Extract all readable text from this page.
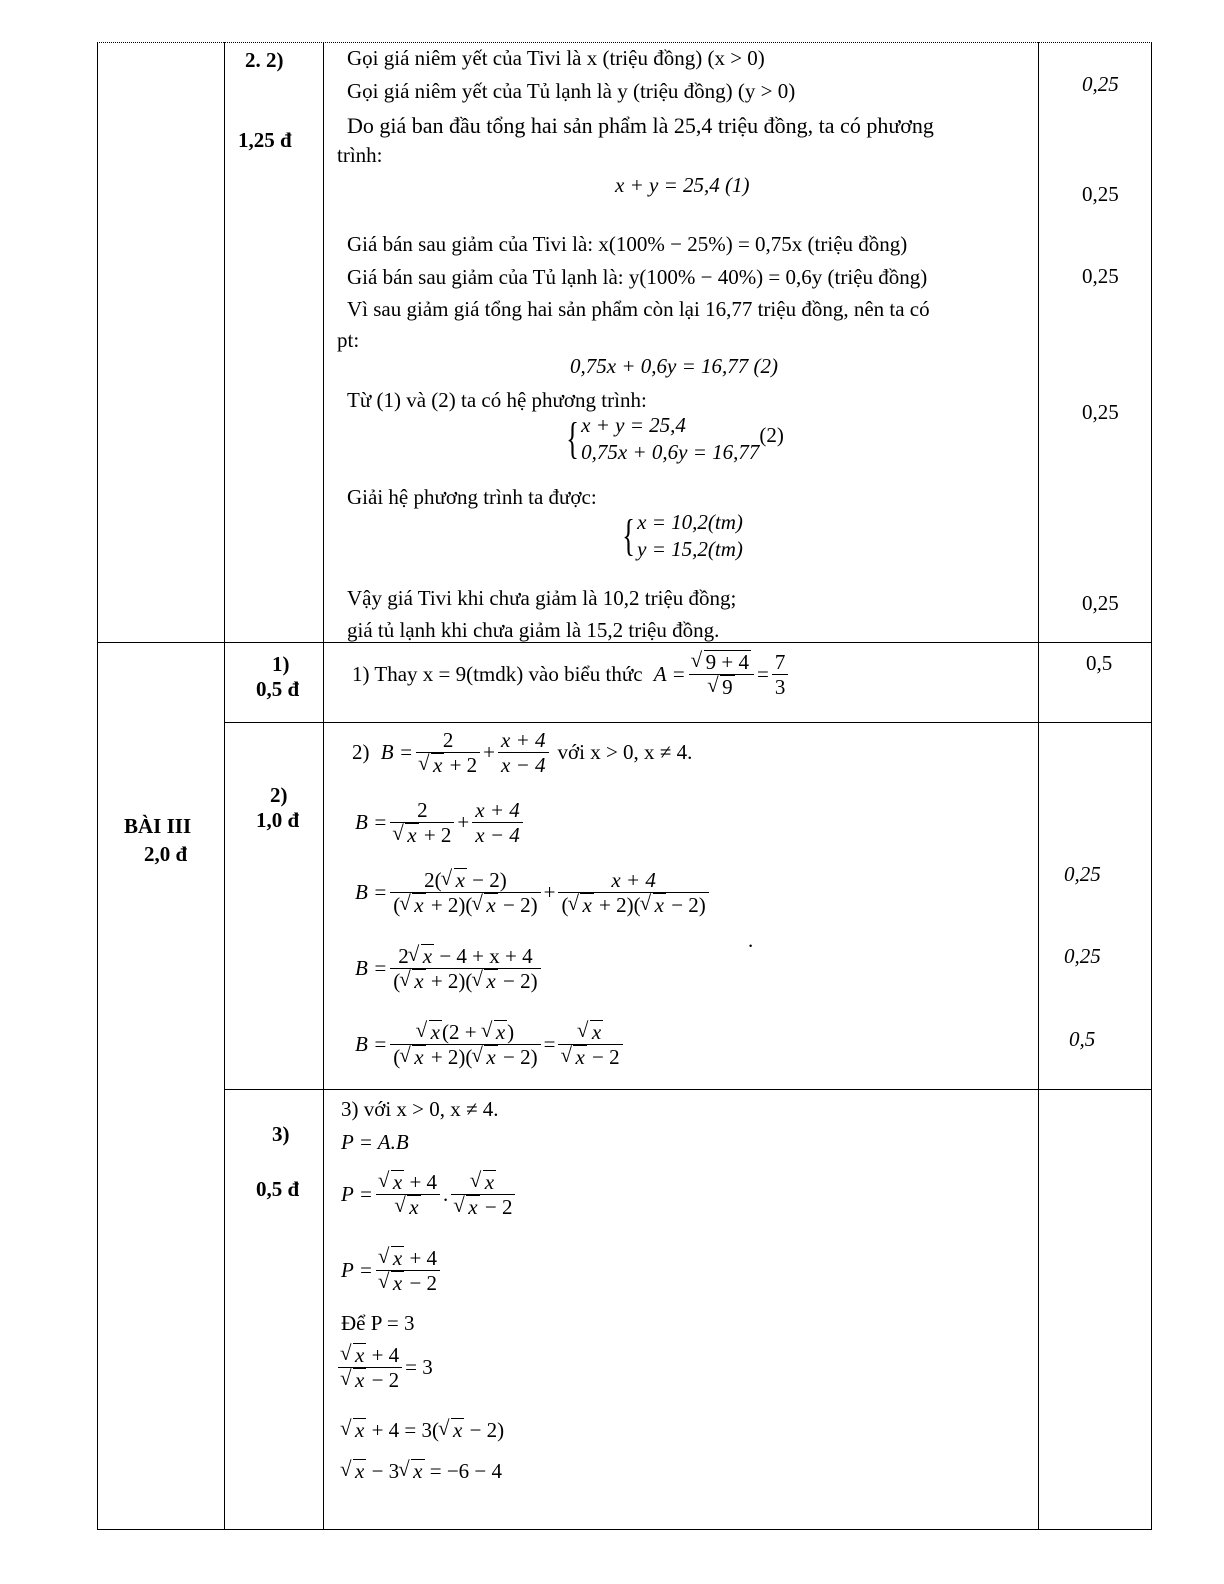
2. 2)
1,25 đ
Gọi giá niêm yết của Tivi là x (triệu đồng) (x > 0)
Gọi giá niêm yết của Tủ lạnh là y (triệu đồng) (y > 0)
Do giá ban đầu tổng hai sản phẩm là 25,4 triệu đồng, ta có phương
trình:
x + y = 25,4 (1)
Giá bán sau giảm của Tivi là: x(100% − 25%) = 0,75x (triệu đồng)
Giá bán sau giảm của Tủ lạnh là: y(100% − 40%) = 0,6y (triệu đồng)
Vì sau giảm giá tổng hai sản phẩm còn lại 16,77 triệu đồng, nên ta có
pt:
0,75x + 0,6y = 16,77 (2)
Từ (1) và (2) ta có hệ phương trình:
{ x + y = 25,4
0,75x + 0,6y = 16,77
(2)
Giải hệ phương trình ta được:
{ x = 10,2(tm)
y = 15,2(tm)
Vậy giá Tivi khi chưa giảm là 10,2 triệu đồng;
giá tủ lạnh khi chưa giảm là 15,2 triệu đồng.
0,25
0,25
0,25
0,25
0,25
BÀI III
2,0 đ
1)
0,5 đ
1) Thay x = 9(tmdk) vào biểu thức A = √ 9 + 4
√ $9 = \frac{7}{3}$	0,5
2)
1,0 đ
2) B = 2
√ $x + 2 + \frac{x + 4}{x - 4}$ với x > 0, x ≠ 4.
B = 2
√ $x + 2 + \frac{x + 4}{x - 4}$
$B = \frac{2( √ x - 2)}{( √ x + 2)( √ x - 2)} + \frac{x + 4}{( √ x + 2)( √ x - 2)}$
.
$B = \frac{2 √ x - 4 + x + 4}{( √ x + 2)( √ x - 2)}$
B = √ $\frac{x(2 + √ x)}{( √ x + 2)( √ x - 2)}$ = √ x
√ x − 2
0,25
0,25
0,5
3)
0,5 đ
3) với x > 0, x ≠ 4.
P = A.B
P = √ x + 4
√ x . √ x
√ x − 2
P = √ x + 4
√ x − 2
Để P = 3
√ x + 4
√ x − 2 = 3
√ x + 4 = 3( √ x − 2)
√ x − 3 √ x = −6 − 4
